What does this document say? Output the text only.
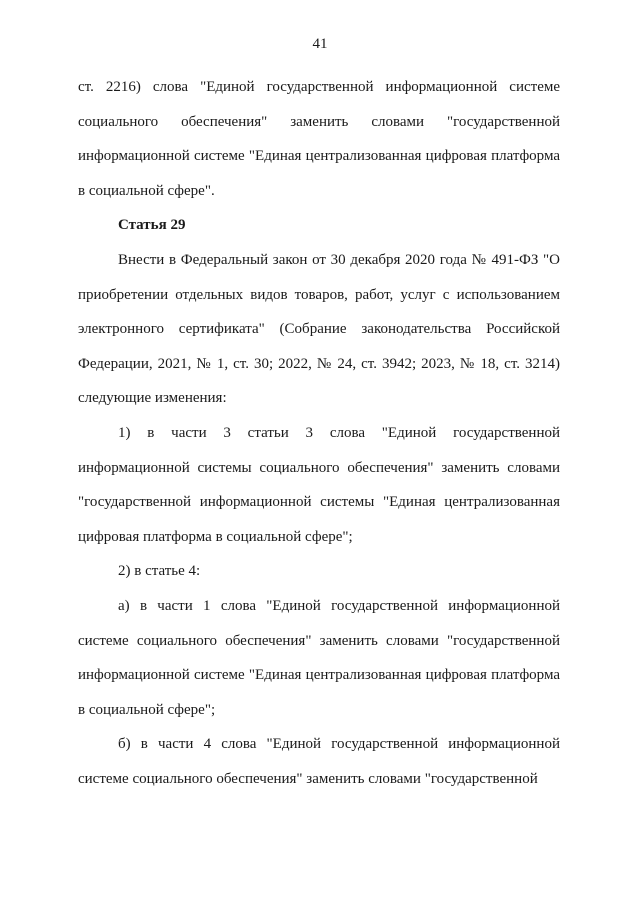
41

ст. 2216) слова "Единой государственной информационной системе социального обеспечения" заменить словами "государственной информационной системе "Единая централизованная цифровая платформа в социальной сфере".

Статья 29

Внести в Федеральный закон от 30 декабря 2020 года № 491-ФЗ "О приобретении отдельных видов товаров, работ, услуг с использованием электронного сертификата" (Собрание законодательства Российской Федерации, 2021, № 1, ст. 30; 2022, № 24, ст. 3942; 2023, № 18, ст. 3214) следующие изменения:

1) в части 3 статьи 3 слова "Единой государственной информационной системы социального обеспечения" заменить словами "государственной информационной системы "Единая централизованная цифровая платформа в социальной сфере";

2) в статье 4:

а) в части 1 слова "Единой государственной информационной системе социального обеспечения" заменить словами "государственной информационной системе "Единая централизованная цифровая платформа в социальной сфере";

б) в части 4 слова "Единой государственной информационной системе социального обеспечения" заменить словами "государственной
